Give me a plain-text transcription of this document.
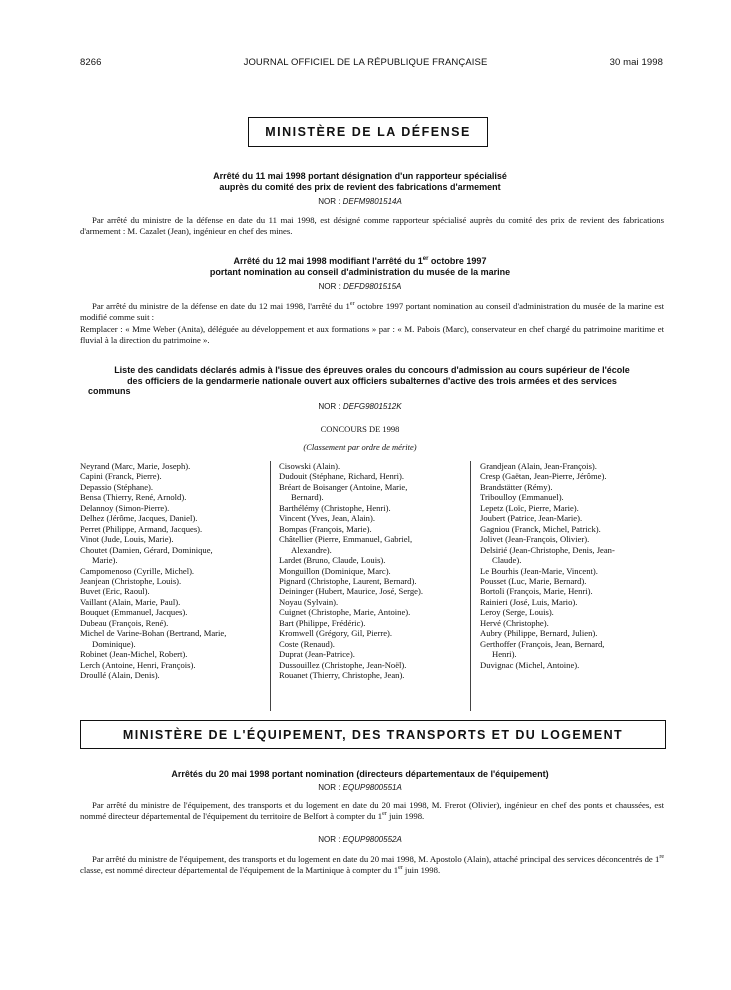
8266	JOURNAL OFFICIEL DE LA RÉPUBLIQUE FRANÇAISE	30 mai 1998
MINISTÈRE DE LA DÉFENSE
Arrêté du 11 mai 1998 portant désignation d'un rapporteur spécialisé
auprès du comité des prix de revient des fabrications d'armement
NOR : DEFM9801514A

Par arrêté du ministre de la défense en date du 11 mai 1998, est désigné comme rapporteur spécialisé auprès du comité des prix de revient des fabrications d'armement : M. Cazalet (Jean), ingénieur en chef des mines.

Arrêté du 12 mai 1998 modifiant l'arrêté du 1er octobre 1997
portant nomination au conseil d'administration du musée de la marine
NOR : DEFD9801515A

Par arrêté du ministre de la défense en date du 12 mai 1998, l'arrêté du 1er octobre 1997 portant nomination au conseil d'administration du musée de la marine est modifié comme suit :

Remplacer : « Mme Weber (Anita), déléguée au développement et aux formations » par : « M. Pabois (Marc), conservateur en chef chargé du patrimoine maritime et fluvial à la direction du patrimoine ».

Liste des candidats déclarés admis à l'issue des épreuves orales du concours d'admission au cours supérieur de l'école
des officiers de la gendarmerie nationale ouvert aux officiers subalternes d'active des trois armées et des services
communs
NOR : DEFG9801512K
CONCOURS DE 1998
(Classement par ordre de mérite)
Neyrand (Marc, Marie, Joseph).
Capini (Franck, Pierre).
Depassio (Stéphane).
Bensa (Thierry, René, Arnold).
Delannoy (Simon-Pierre).
Delhez (Jérôme, Jacques, Daniel).
Perret (Philippe, Armand, Jacques).
Vinot (Jude, Louis, Marie).
Choutet (Damien, Gérard, Dominique,
Marie).
Campomenoso (Cyrille, Michel).
Jeanjean (Christophe, Louis).
Buvet (Eric, Raoul).
Vaillant (Alain, Marie, Paul).
Bouquet (Emmanuel, Jacques).
Dubeau (François, René).
Michel de Varine-Bohan (Bertrand, Marie,
Dominique).
Robinet (Jean-Michel, Robert).
Lerch (Antoine, Henri, François).
Droullé (Alain, Denis).
Cisowski (Alain).
Dudouit (Stéphane, Richard, Henri).
Bréart de Boisanger (Antoine, Marie,
Bernard).
Barthélémy (Christophe, Henri).
Vincent (Yves, Jean, Alain).
Bompas (François, Marie).
Châtellier (Pierre, Emmanuel, Gabriel,
Alexandre).
Lardet (Bruno, Claude, Louis).
Monguillon (Dominique, Marc).
Pignard (Christophe, Laurent, Bernard).
Deininger (Hubert, Maurice, José, Serge).
Noyau (Sylvain).
Cuignet (Christophe, Marie, Antoine).
Bart (Philippe, Frédéric).
Kromwell (Grégory, Gil, Pierre).
Coste (Renaud).
Duprat (Jean-Patrice).
Dussouillez (Christophe, Jean-Noël).
Rouanet (Thierry, Christophe, Jean).
Grandjean (Alain, Jean-François).
Cresp (Gaëtan, Jean-Pierre, Jérôme).
Brandstätter (Rémy).
Triboulloy (Emmanuel).
Lepetz (Loïc, Pierre, Marie).
Joubert (Patrice, Jean-Marie).
Gagniou (Franck, Michel, Patrick).
Jolivet (Jean-François, Olivier).
Delsirié (Jean-Christophe, Denis, Jean-
Claude).
Le Bourhis (Jean-Marie, Vincent).
Pousset (Luc, Marie, Bernard).
Bortoli (François, Marie, Henri).
Rainieri (José, Luis, Mario).
Leroy (Serge, Louis).
Hervé (Christophe).
Aubry (Philippe, Bernard, Julien).
Gerthoffer (François, Jean, Bernard,
Henri).
Duvignac (Michel, Antoine).
MINISTÈRE DE L'ÉQUIPEMENT, DES TRANSPORTS ET DU LOGEMENT
Arrêtés du 20 mai 1998 portant nomination (directeurs départementaux de l'équipement)
NOR : EQUP9800551A

Par arrêté du ministre de l'équipement, des transports et du logement en date du 20 mai 1998, M. Frerot (Olivier), ingénieur en chef des ponts et chaussées, est nommé directeur départemental de l'équipement du territoire de Belfort à compter du 1er juin 1998.

NOR : EQUP9800552A

Par arrêté du ministre de l'équipement, des transports et du logement en date du 20 mai 1998, M. Apostolo (Alain), attaché principal des services déconcentrés de 1re classe, est nommé directeur départemental de l'équipement de la Martinique à compter du 1er juin 1998.
